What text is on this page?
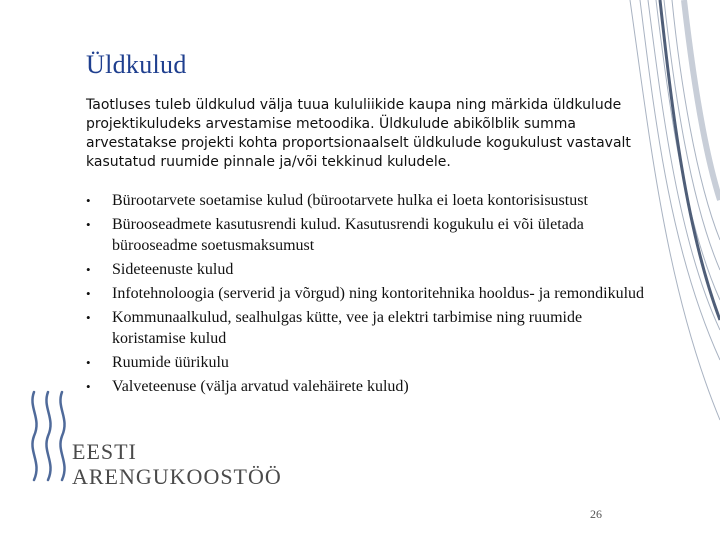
Üldkulud

Taotluses tuleb üldkulud välja tuua kululiikide kaupa ning märkida üldkulude projektikuludeks arvestamise metoodika. Üldkulude abikõlblik summa arvestatakse projekti kohta proportsionaalselt üldkulude kogukulust vastavalt kasutatud ruumide pinnale ja/või tekkinud kuludele.

• Bürootarvete soetamise kulud (bürootarvete hulka ei loeta kontorisisustust
• Bürooseadmete kasutusrendi kulud. Kasutusrendi kogukulu ei või ületada bürooseadme soetusmaksumust
• Sideteenuste kulud
• Infotehnoloogia (serverid ja võrgud) ning kontoritehnika hooldus- ja remondikulud
• Kommunaalkulud, sealhulgas kütte, vee ja elektri tarbimise ning ruumide koristamise kulud
• Ruumide üürikulu
• Valveteenuse (välja arvatud valehäirete kulud)
EESTI
ARENGUKOOSTÖÖ
26
